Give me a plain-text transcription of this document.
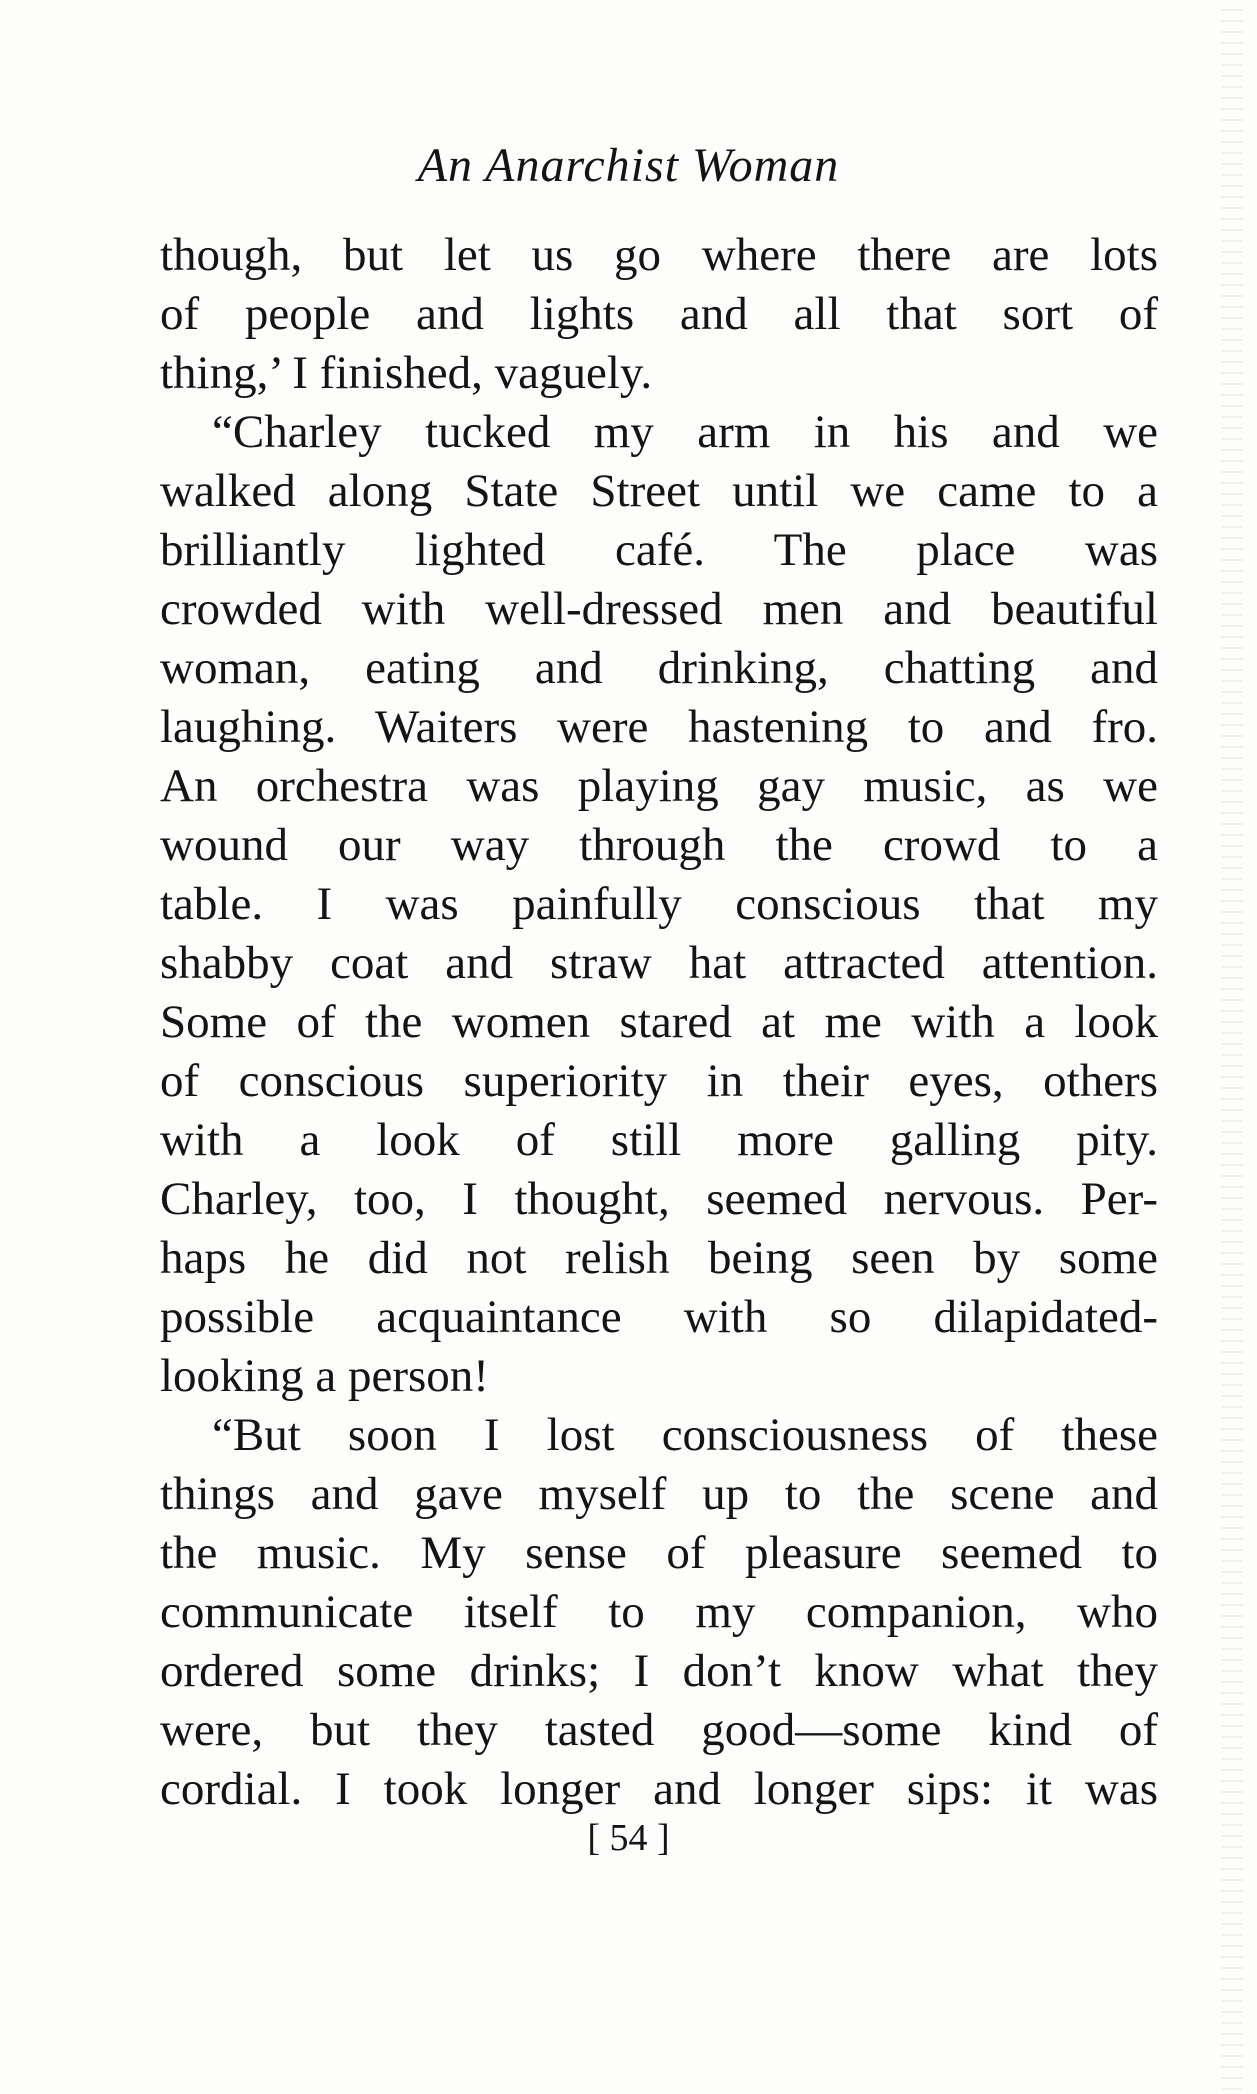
An Anarchist Woman
though, but let us go where there are lots
of people and lights and all that sort of
thing,’ I finished, vaguely.
“Charley tucked my arm in his and we
walked along State Street until we came to a
brilliantly lighted café. The place was
crowded with well-dressed men and beautiful
woman, eating and drinking, chatting and
laughing. Waiters were hastening to and fro.
An orchestra was playing gay music, as we
wound our way through the crowd to a
table. I was painfully conscious that my
shabby coat and straw hat attracted attention.
Some of the women stared at me with a look
of conscious superiority in their eyes, others
with a look of still more galling pity.
Charley, too, I thought, seemed nervous. Per-
haps he did not relish being seen by some
possible acquaintance with so dilapidated-
looking a person!
“But soon I lost consciousness of these
things and gave myself up to the scene and
the music. My sense of pleasure seemed to
communicate itself to my companion, who
ordered some drinks; I don’t know what they
were, but they tasted good—some kind of
cordial. I took longer and longer sips: it was
[ 54 ]
